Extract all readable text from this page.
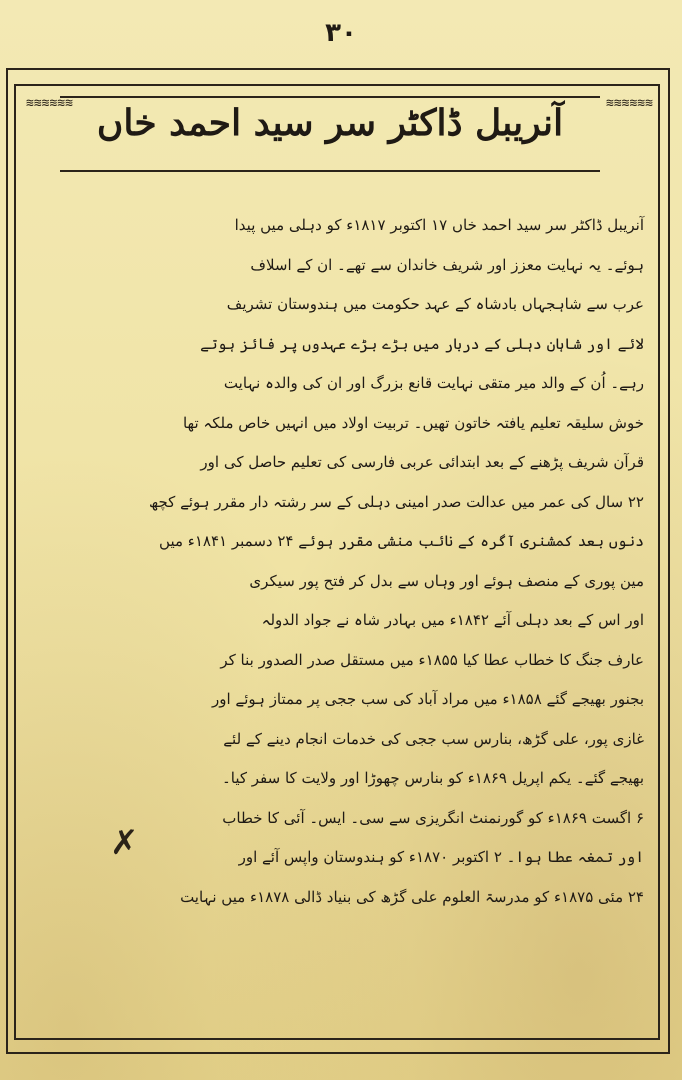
۳۰
≋≋≋≋≋≋	≋≋≋≋≋≋
آنریبل ڈاکٹر سر سید احمد خاں
آنریبل ڈاکٹر سر سید احمد خاں ۱۷ اکتوبر ۱۸۱۷ء کو دہلی میں پیدا
ہوئے۔ یہ نہایت معزز اور شریف خاندان سے تھے۔ ان کے اسلاف
عرب سے شاہجہاں بادشاہ کے عہد حکومت میں ہندوستان تشریف
لائے اور شاہان دہلی کے دربار میں بڑے بڑے عہدوں پر فائز ہوتے
رہے۔ اُن کے والد میر متقی نہایت قانع بزرگ اور ان کی والدہ نہایت
خوش سلیقہ تعلیم یافتہ خاتون تھیں۔ تربیت اولاد میں انہیں خاص ملکہ تھا
قرآن شریف پڑھنے کے بعد ابتدائی عربی فارسی کی تعلیم حاصل کی اور
۲۲ سال کی عمر میں عدالت صدر امینی دہلی کے سر رشتہ دار مقرر ہوئے کچھ
دنوں بعد کمشنری آگرہ کے نائب منشی مقرر ہوئے ۲۴ دسمبر ۱۸۴۱ء میں
مین پوری کے منصف ہوئے اور وہاں سے بدل کر فتح پور سیکری
اور اس کے بعد دہلی آئے ۱۸۴۲ء میں بہادر شاہ نے جواد الدولہ
عارف جنگ کا خطاب عطا کیا ۱۸۵۵ء میں مستقل صدر الصدور بنا کر
بجنور بھیجے گئے ۱۸۵۸ء میں مراد آباد کی سب ججی پر ممتاز ہوئے اور
غازی پور، علی گڑھ، بنارس سب ججی کی خدمات انجام دینے کے لئے
بھیجے گئے۔ یکم اپریل ۱۸۶۹ء کو بنارس چھوڑا اور ولایت کا سفر کیا۔
۶ اگست ۱۸۶۹ء کو گورنمنٹ انگریزی سے سی۔ ایس۔ آئی کا خطاب
اور تمغہ عطا ہوا۔ ۲ اکتوبر ۱۸۷۰ء کو ہندوستان واپس آئے اور
۲۴ مئی ۱۸۷۵ء کو مدرسۃ العلوم علی گڑھ کی بنیاد ڈالی ۱۸۷۸ء میں نہایت
✗
